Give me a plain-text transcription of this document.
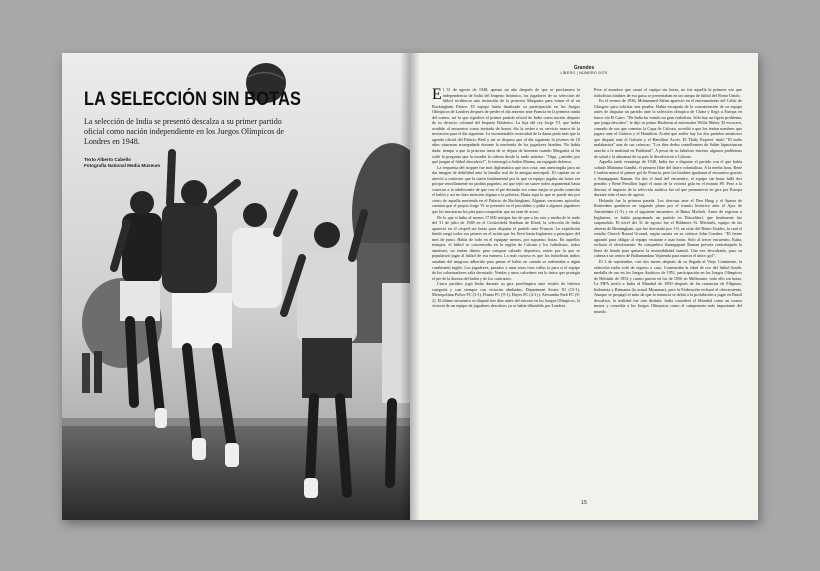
LA SELECCIÓN SIN BOTAS

La selección de India se presentó descalza a su primer partido oficial como nación independiente en los Juegos Olímpicos de Londres en 1948.

Texto Alberto Cabello
Fotografía National Media Museum
Grandes
LÍBERO | NÚMERO 0079

El 31 de agosto de 1948, apenas un año después de que se proclamara la independencia de India del Imperio británico, los jugadores de su selección de fútbol recibieron una invitación de la princesa Margarita para tomar el té en Buckingham Palace. El equipo había finalizado su participación en los Juegos Olímpicos de Londres después de perder el día anterior ante Francia en la primera ronda del torneo, así lo que significó el primer partido oficial de India como nación después de su divorcio colonial del Imperio Británico. La hija del rey Jorge VI, que había acudido al encuentro como invitada de honor, dio la orden a su servicio nunca de la invitación para el día siguiente. La incontestable curiosidad de la dama pudo más que la agenda oficial del Palacio Real y así se dispuso que al día siguiente la jóvenes de 18 años saturaran acompañada durante la merienda de los jugadores hindúes. No había duda: tiempo a que la princesa tuera de se dejara de hormear cuando Margarita al fin soltó la pregunta que la mordía la cabeza desde la tarde anterior: "Oiga, ¿ustedes por qué juegan al fútbol descalzos?", le interrogó a Sailen Manna, un espigado defensa.

La respuesta del stopper fue más diplomática que otra cosa; una anestimplía para no dar imagen de debilidad ante la familia real de la antigua metrópoli. El capitán no se atrevió a contestar que la razón fundamental por la que su equipo jugaba sin botas era porque sencillamente no podían pagarlas, así que tejió un suave rodeo argumental hasta conectar a la adolescente de que con el pie desnudo era como mejor se podía controlar el balón y así no hizo mención alguna a la pobreza. Hasta aquí lo que se puede dar por cierto de aquella merienda en el Palacio de Buckingham. Algunas versiones apócrifas cuentan que el propio Jorge VI se presentó en el piscolabis y pidió a algunos jugadores que les mostraran los pies para comprobar que no eran de acero.

De lo que sí hubo al menos 17.000 testigos fue de que a las seis y media de la tarde del 31 de julio de 1948 en el Cricketfield Stadium de Ilford, la selección de India apareció en el césped sin botas para disputar el partido ante Francia. La expedición hindú cargó todos sus petates en el avión que les llevó hasta Inglaterra a principios del mes de junio. Había de todo en el equipaje menos, por supuesto, botas. En aquellos tiempos, el fútbol se concentraba en la región de Calcuta y los futbolistas, todos amateurs, no tenían dinero para comprar calzado deportivo, razón por la que se popularizó jugar al fútbol de esa manera. Lo más curioso es que los futbolistas indios sanaban del mugroso adherido para patear el balón en cuando se enfrentaba a algún combinado inglés. Los jugadores, pesados y unas rotas tiras vallas la para si el equipo de los colonizadores salía derrotado. Vendas y unos calcetines era lo único que protegía el pie de la dureza del balón y de los contrarios.

Cinco partidos jugó India durante su gira preolímpica ante rivales de inferior categoría y casi siempre con victorias abultadas: Department Stores XI (15-1), Metropolitan Police FC (3-1), Pinner FC (9-1), Hayes FC (4-1) y Alexandra Park FC (8-2). El último encuentro se disputó tres días antes del estreno en los Juegos Olímpicos, la victoria de un equipo de jugadores descalzos ya se había difundido por Londres.

Pese al asombro que causó el equipo sin botas, no fue aquella la primera vez que futbolistas hindúes de esa guisa se presentaban en un campo de fútbol del Reino Unido.

En el verano de 1936, Mohammed Salim apareció en el entrenamiento del Celtic de Glasgow para solicitar una prueba. Había escapado de la concentración de su equipo antes de disputar un partido ante la selección olímpica de China y llegó a Europa en barco vía El Cairo. "De India ha venido un gran futbolista. Sólo hay un ligero problema, que juega descalzo", le dijo su primo Hasheem al entrenador Willie Maley. El escocero, cansado de sus que cometas la Copa de Calcuta, accedió a que los tenían nombres que jugara ante el Galston y el Hamilton. Acabó que arribe hay los dos partidos amistosos que disputó ante el Galston y el Hamilton Acces. El 'Daily Express' tituló "El indio malabarista" una de sus crónicas. "Los diez dedos centelleantes de Salim hipnotizaron anoche a la multitud en Parkhead". A pesar de su fabuloso estreno, algunos problemas de salud y la añoranza de su país le devolvieron a Calcuta.

Aquella tarde veraniega de 1948, India fue a disputar el partido con el que había soñado Mahatma Gandhi, el primero libre del lastre colonialista. A la media hora, René Courbin marcó el primer gol de Francia, pero los hindúes igualaron el encuentro gracias a Sarangapani Raman. En dos el final del encuentro, el equipo sin botas falló dos penaltis y René Persillon logró el tanto de la victoria gala en el minuto 89. Pese a la derrota, el impacto de la selección asiática fue tal que permaneció en gira por Europa durante todo el mes de agosto.

Holanda fue la primera parada. Los derrotas ante el Den Haag y el Sparta de Rotterdam quedaron en segundo plano por el triunfo histórico ante el Ajax de Amsterdam (1-5) y en el siguiente encuentro, el Rinus Michels. Antes de regresar a Inglaterra, se había programado un partido en Düsseldorf, que finalmente fue suspendido. El nivel del 31 de agosto fue el Bildmore St. Michaels, equipo de las afueras de Birmingham, que fue derrotado por 1-0, un visto del Reino Unidos, la cual el estadio Church Round Ground, según cuenta en su crónica John Cumbes: "El frente aguantó para obligar al equipo visitante a usar botas. Solo al tercer encuentro, Kaha, rechazó el ofrecimiento. Su compañero Sarangapani Raman preveía contrabajarlo la línea de banda para quitarse la insensibilidad mental. Una vez descalzado, paso su cabeza a un centro de Balbanandara Vajirenda para marcar el único gol".

El 2 de septiembre, casi dos meses después de su llegada al Viejo Continente, la selección india voló de regreso a casa. Comenzaba la edad de oro del fútbol hindú: medalla de oro en los Juegos Asiáticos de 1951, participación en los Juegos Olímpicos de Helsinki de 1952 y cuarto puesto en los de 1956 en Melbourne, todo ello sin botas. La FIFA invitó a India al Mundial de 1950 después de las renuncias de Filipinas, Indonesia y Birmania (la actual Myanmar), pero la Federación rechazó el ofrecimiento. Aunque se propagó el mito de que la renuncia se debió a la prohibición a jugar en Brasil descalzos, la realidad fue otra distinta: India consideró el Mundial como un torneo menor y concedía a los Juegos Olímpicos como el campeonato más importante del mundo.

15
